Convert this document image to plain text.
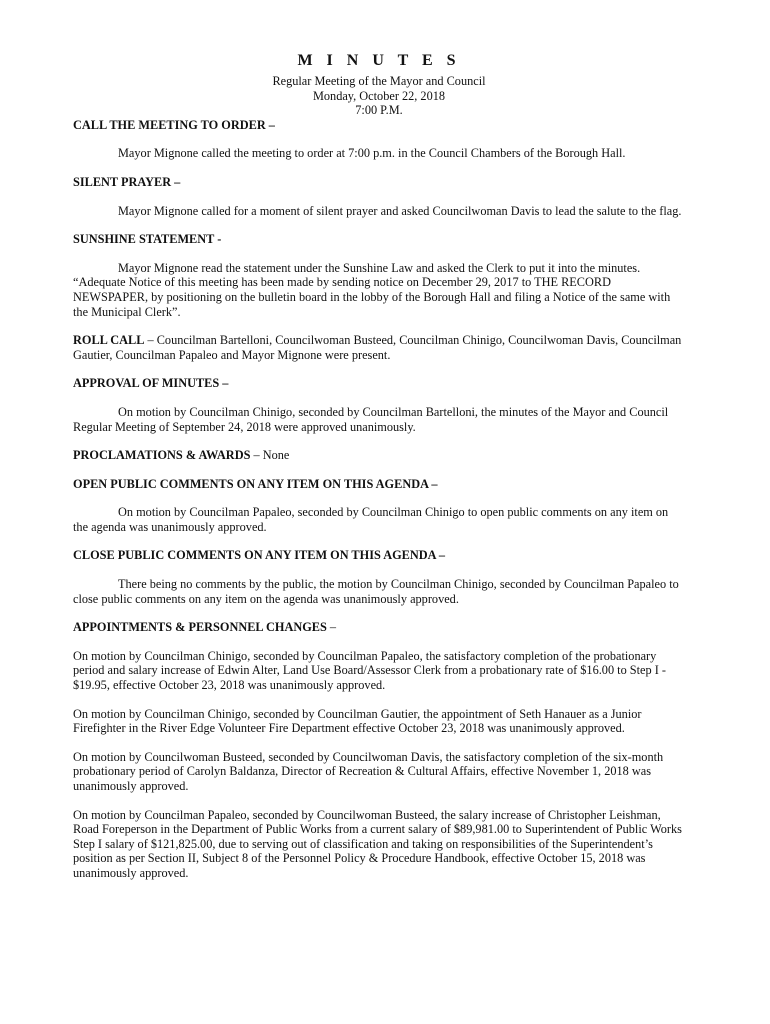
M I N U T E S

Regular Meeting of the Mayor and Council

Monday, October 22, 2018

7:00 P.M.

CALL THE MEETING TO ORDER –

Mayor Mignone called the meeting to order at 7:00 p.m. in the Council Chambers of the Borough Hall.

SILENT PRAYER –

Mayor Mignone called for a moment of silent prayer and asked Councilwoman Davis to lead the salute to the flag.

SUNSHINE STATEMENT -

Mayor Mignone read the statement under the Sunshine Law and asked the Clerk to put it into the minutes. “Adequate Notice of this meeting has been made by sending notice on December 29, 2017 to THE RECORD NEWSPAPER, by positioning on the bulletin board in the lobby of the Borough Hall and filing a Notice of the same with the Municipal Clerk”.

ROLL CALL – Councilman Bartelloni, Councilwoman Busteed, Councilman Chinigo, Councilwoman Davis, Councilman Gautier, Councilman Papaleo and Mayor Mignone were present.

APPROVAL OF MINUTES –

On motion by Councilman Chinigo, seconded by Councilman Bartelloni, the minutes of the Mayor and Council Regular Meeting of September 24, 2018 were approved unanimously.

PROCLAMATIONS & AWARDS – None

OPEN PUBLIC COMMENTS ON ANY ITEM ON THIS AGENDA –

On motion by Councilman Papaleo, seconded by Councilman Chinigo to open public comments on any item on the agenda was unanimously approved.

CLOSE PUBLIC COMMENTS ON ANY ITEM ON THIS AGENDA –

There being no comments by the public, the motion by Councilman Chinigo, seconded by Councilman Papaleo to close public comments on any item on the agenda was unanimously approved.

APPOINTMENTS & PERSONNEL CHANGES –

On motion by Councilman Chinigo, seconded by Councilman Papaleo, the satisfactory completion of the probationary period and salary increase of Edwin Alter, Land Use Board/Assessor Clerk from a probationary rate of $16.00 to Step I - $19.95, effective October 23, 2018 was unanimously approved.

On motion by Councilman Chinigo, seconded by Councilman Gautier, the appointment of Seth Hanauer as a Junior Firefighter in the River Edge Volunteer Fire Department effective October 23, 2018 was unanimously approved.

On motion by Councilwoman Busteed, seconded by Councilwoman Davis, the satisfactory completion of the six-month probationary period of Carolyn Baldanza, Director of Recreation & Cultural Affairs, effective November 1, 2018 was unanimously approved.

On motion by Councilman Papaleo, seconded by Councilwoman Busteed, the salary increase of Christopher Leishman, Road Foreperson in the Department of Public Works from a current salary of $89,981.00 to Superintendent of Public Works Step I salary of $121,825.00, due to serving out of classification and taking on responsibilities of the Superintendent’s position as per Section II, Subject 8 of the Personnel Policy & Procedure Handbook, effective October 15, 2018 was unanimously approved.
